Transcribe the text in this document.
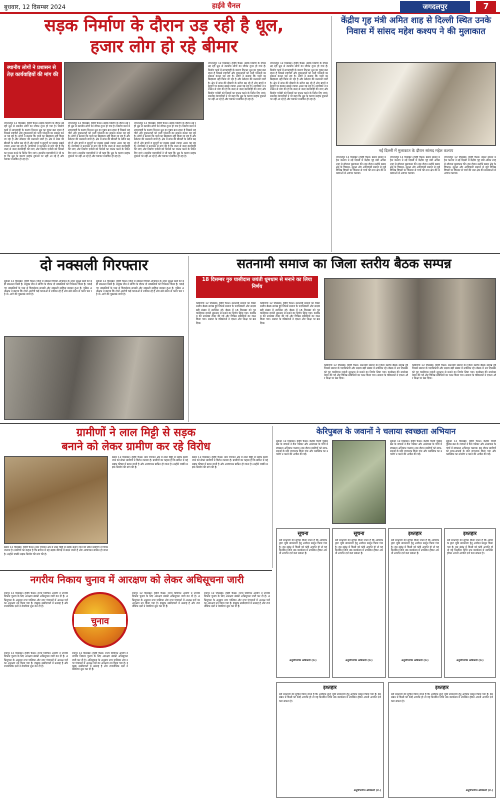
बुधवार, 12 दिसम्बर 2024	हाईवे चैनल	जगदलपुर	7
सड़क निर्माण के दौरान उड़ रही है धूल,
हजार लोग हो रहे बीमार
स्थानीय लोगों ने प्रशासन से तेज़ कार्यवाहियों की मांग की
जगदलपुर 12 दिसम्बर। हाईवे चैनल। सड़क निर्माण के दौरान उड़ रही धूल से स्थानीय लोगों का जीवन दूभर हो गया है। निर्माण कार्य में लापरवाही के कारण दिनभर धूल का गुबार बना रहता है जिससे राहगीरों और दुकानदारों को भारी परेशानी का सामना करना पड़ रहा है। लोगों ने बताया कि पानी का छिड़काव नहीं किया जा रहा है और ठेकेदार की मनमानी जारी है। क्षेत्र में सांस की बीमारी के मरीज बढ़ रहे हैं और बच्चों व बुजुर्गों पर इसका सबसे ज्यादा असर पड़ रहा है। नागरिकों ने प्रशासन से मांग की है कि जल्द से जल्द कार्यवाही की जाए और निर्माण एजेंसी को नियमों का पालन करने के निर्देश दिए जाएं। स्थानीय व्यापारियों ने भी कहा कि धूल के कारण ग्राहक दुकानों पर नहीं आ रहे हैं और व्यापार प्रभावित हो रहा है।
जगदलपुर 12 दिसम्बर। हाईवे चैनल। सड़क निर्माण के दौरान उड़ रही धूल से स्थानीय लोगों का जीवन दूभर हो गया है। निर्माण कार्य में लापरवाही के कारण दिनभर धूल का गुबार बना रहता है जिससे राहगीरों और दुकानदारों को भारी परेशानी का सामना करना पड़ रहा है। लोगों ने बताया कि पानी का छिड़काव नहीं किया जा रहा है और ठेकेदार की मनमानी जारी है। क्षेत्र में सांस की बीमारी के मरीज बढ़ रहे हैं और बच्चों व बुजुर्गों पर इसका सबसे ज्यादा असर पड़ रहा है। नागरिकों ने प्रशासन से मांग की है कि जल्द से जल्द कार्यवाही की जाए और निर्माण एजेंसी को नियमों का पालन करने के निर्देश दिए जाएं। स्थानीय व्यापारियों ने भी कहा कि धूल के कारण ग्राहक दुकानों पर नहीं आ रहे हैं और व्यापार प्रभावित हो रहा है।
जगदलपुर 12 दिसम्बर। हाईवे चैनल। सड़क निर्माण के दौरान उड़ रही धूल से स्थानीय लोगों का जीवन दूभर हो गया है। निर्माण कार्य में लापरवाही के कारण दिनभर धूल का गुबार बना रहता है जिससे राहगीरों और दुकानदारों को भारी परेशानी का सामना करना पड़ रहा है। लोगों ने बताया कि पानी का छिड़काव नहीं किया जा रहा है और ठेकेदार की मनमानी जारी है। क्षेत्र में सांस की बीमारी के मरीज बढ़ रहे हैं और बच्चों व बुजुर्गों पर इसका सबसे ज्यादा असर पड़ रहा है। नागरिकों ने प्रशासन से मांग की है कि जल्द से जल्द कार्यवाही की जाए और निर्माण एजेंसी को नियमों का पालन करने के निर्देश दिए जाएं। स्थानीय व्यापारियों ने भी कहा कि धूल के कारण ग्राहक दुकानों पर नहीं आ रहे हैं और व्यापार प्रभावित हो रहा है।
जगदलपुर 12 दिसम्बर। हाईवे चैनल। सड़क निर्माण के दौरान उड़ रही धूल से स्थानीय लोगों का जीवन दूभर हो गया है। निर्माण कार्य में लापरवाही के कारण दिनभर धूल का गुबार बना रहता है जिससे राहगीरों और दुकानदारों को भारी परेशानी का सामना करना पड़ रहा है। लोगों ने बताया कि पानी का छिड़काव नहीं किया जा रहा है और ठेकेदार की मनमानी जारी है। क्षेत्र में सांस की बीमारी के मरीज बढ़ रहे हैं और बच्चों व बुजुर्गों पर इसका सबसे ज्यादा असर पड़ रहा है। नागरिकों ने प्रशासन से मांग की है कि जल्द से जल्द कार्यवाही की जाए और निर्माण एजेंसी को नियमों का पालन करने के निर्देश दिए जाएं। स्थानीय व्यापारियों ने भी कहा कि धूल के कारण ग्राहक दुकानों पर नहीं आ रहे हैं और व्यापार प्रभावित हो रहा है।
जगदलपुर 12 दिसम्बर। हाईवे चैनल। सड़क निर्माण के दौरान उड़ रही धूल से स्थानीय लोगों का जीवन दूभर हो गया है। निर्माण कार्य में लापरवाही के कारण दिनभर धूल का गुबार बना रहता है जिससे राहगीरों और दुकानदारों को भारी परेशानी का सामना करना पड़ रहा है। लोगों ने बताया कि पानी का छिड़काव नहीं किया जा रहा है और ठेकेदार की मनमानी जारी है। क्षेत्र में सांस की बीमारी के मरीज बढ़ रहे हैं और बच्चों व बुजुर्गों पर इसका सबसे ज्यादा असर पड़ रहा है। नागरिकों ने प्रशासन से मांग की है कि जल्द से जल्द कार्यवाही की जाए और निर्माण एजेंसी को नियमों का पालन करने के निर्देश दिए जाएं। स्थानीय व्यापारियों ने भी कहा कि धूल के कारण ग्राहक दुकानों पर नहीं आ रहे हैं और व्यापार प्रभावित हो रहा है।
केंद्रीय गृह मंत्री अमित शाह से दिल्ली स्थित उनके निवास में सांसद महेश कश्यप ने की मुलाकात
नई दिल्ली में मुलाकात के दौरान सांसद महेश कश्यप
जगदलपुर 12 दिसम्बर। हाईवे चैनल। बस्तर सांसद महेश कश्यप ने नई दिल्ली में केंद्रीय गृह मंत्री अमित शाह से सौजन्य मुलाकात की। इस दौरान उन्होंने बस्तर क्षेत्र के विकास, सुरक्षा और आदिवासी समाज से जुड़े विभिन्न विषयों पर विस्तार से चर्चा की तथा क्षेत्र की समस्याओं से अवगत कराया।
जगदलपुर 12 दिसम्बर। हाईवे चैनल। बस्तर सांसद महेश कश्यप ने नई दिल्ली में केंद्रीय गृह मंत्री अमित शाह से सौजन्य मुलाकात की। इस दौरान उन्होंने बस्तर क्षेत्र के विकास, सुरक्षा और आदिवासी समाज से जुड़े विभिन्न विषयों पर विस्तार से चर्चा की तथा क्षेत्र की समस्याओं से अवगत कराया।
जगदलपुर 12 दिसम्बर। हाईवे चैनल। बस्तर सांसद महेश कश्यप ने नई दिल्ली में केंद्रीय गृह मंत्री अमित शाह से सौजन्य मुलाकात की। इस दौरान उन्होंने बस्तर क्षेत्र के विकास, सुरक्षा और आदिवासी समाज से जुड़े विभिन्न विषयों पर विस्तार से चर्चा की तथा क्षेत्र की समस्याओं से अवगत कराया।
दो नक्सली गिरफ्तार
सुकमा 12 दिसम्बर। हाईवे चैनल। जिले में नक्सल विरोधी अभियान के तहत सुरक्षा बलों को बड़ी सफलता मिली है। संयुक्त टीम ने सर्चिंग के दौरान दो नक्सलियों को गिरफ्तार किया है। पकड़े गए नक्सलियों के पास से विस्फोटक सामग्री और नक्सली साहित्य बरामद हुआ है। पुलिस अधीक्षक ने बताया कि दोनों आरोपी कई घटनाओं में शामिल रहे हैं और लंबे समय से फरार चल रहे थे। आगे की पूछताछ जारी है।
सुकमा 12 दिसम्बर। हाईवे चैनल। जिले में नक्सल विरोधी अभियान के तहत सुरक्षा बलों को बड़ी सफलता मिली है। संयुक्त टीम ने सर्चिंग के दौरान दो नक्सलियों को गिरफ्तार किया है। पकड़े गए नक्सलियों के पास से विस्फोटक सामग्री और नक्सली साहित्य बरामद हुआ है। पुलिस अधीक्षक ने बताया कि दोनों आरोपी कई घटनाओं में शामिल रहे हैं और लंबे समय से फरार चल रहे थे। आगे की पूछताछ जारी है।
सतनामी समाज का जिला स्तरीय बैठक सम्पन्न
18 दिसम्बर गुरु घासीदास जयंती धूमधाम से मनाने का लिया निर्णय
कोंडागांव 12 दिसम्बर। हाईवे चैनल। सतनामी समाज का जिला स्तरीय बैठक सम्पन्न हुई जिसमें समाज के पदाधिकारी और सदस्य बड़ी संख्या में उपस्थित रहे। बैठक में 18 दिसम्बर को गुरु घासीदास जयंती धूमधाम से मनाने का निर्णय लिया गया। कार्यक्रम की रूपरेखा तैयार की गई और विभिन्न समितियों का गठन किया गया। समाज के वरिष्ठजनों ने एकता और शिक्षा पर बल दिया।
कोंडागांव 12 दिसम्बर। हाईवे चैनल। सतनामी समाज का जिला स्तरीय बैठक सम्पन्न हुई जिसमें समाज के पदाधिकारी और सदस्य बड़ी संख्या में उपस्थित रहे। बैठक में 18 दिसम्बर को गुरु घासीदास जयंती धूमधाम से मनाने का निर्णय लिया गया। कार्यक्रम की रूपरेखा तैयार की गई और विभिन्न समितियों का गठन किया गया। समाज के वरिष्ठजनों ने एकता और शिक्षा पर बल दिया।
कोंडागांव 12 दिसम्बर। हाईवे चैनल। सतनामी समाज का जिला स्तरीय बैठक सम्पन्न हुई जिसमें समाज के पदाधिकारी और सदस्य बड़ी संख्या में उपस्थित रहे। बैठक में 18 दिसम्बर को गुरु घासीदास जयंती धूमधाम से मनाने का निर्णय लिया गया। कार्यक्रम की रूपरेखा तैयार की गई और विभिन्न समितियों का गठन किया गया। समाज के वरिष्ठजनों ने एकता और शिक्षा पर बल दिया।
कोंडागांव 12 दिसम्बर। हाईवे चैनल। सतनामी समाज का जिला स्तरीय बैठक सम्पन्न हुई जिसमें समाज के पदाधिकारी और सदस्य बड़ी संख्या में उपस्थित रहे। बैठक में 18 दिसम्बर को गुरु घासीदास जयंती धूमधाम से मनाने का निर्णय लिया गया। कार्यक्रम की रूपरेखा तैयार की गई और विभिन्न समितियों का गठन किया गया। समाज के वरिष्ठजनों ने एकता और शिक्षा पर बल दिया।
ग्रामीणों ने लाल मिट्टी से सड़क
बनाने को लेकर ग्रामीण कर रहे विरोध
बस्तर 12 दिसम्बर। हाईवे चैनल। ग्राम पंचायत क्षेत्र में लाल मिट्टी से सड़क बनाए जाने को लेकर ग्रामीणों ने विरोध जताया है। ग्रामीणों का कहना है कि बारिश में यह सड़क कीचड़ में बदल जाती है और आवागमन बाधित हो जाता है। उन्होंने पक्की सड़क निर्माण की मांग की है।
बस्तर 12 दिसम्बर। हाईवे चैनल। ग्राम पंचायत क्षेत्र में लाल मिट्टी से सड़क बनाए जाने को लेकर ग्रामीणों ने विरोध जताया है। ग्रामीणों का कहना है कि बारिश में यह सड़क कीचड़ में बदल जाती है और आवागमन बाधित हो जाता है। उन्होंने पक्की सड़क निर्माण की मांग की है।
बस्तर 12 दिसम्बर। हाईवे चैनल। ग्राम पंचायत क्षेत्र में लाल मिट्टी से सड़क बनाए जाने को लेकर ग्रामीणों ने विरोध जताया है। ग्रामीणों का कहना है कि बारिश में यह सड़क कीचड़ में बदल जाती है और आवागमन बाधित हो जाता है। उन्होंने पक्की सड़क निर्माण की मांग की है।
केरिपुबल के जवानों ने चलाया स्वच्छता अभियान
सुकमा 12 दिसम्बर। हाईवे चैनल। केंद्रीय रिजर्व पुलिस बल के जवानों ने कैंप परिसर और आसपास के गांवों में स्वच्छता अभियान चलाया। इस दौरान ग्रामीणों को साफ-सफाई के प्रति जागरूक किया गया और प्लास्टिक का उपयोग न करने की अपील की गई।
सुकमा 12 दिसम्बर। हाईवे चैनल। केंद्रीय रिजर्व पुलिस बल के जवानों ने कैंप परिसर और आसपास के गांवों में स्वच्छता अभियान चलाया। इस दौरान ग्रामीणों को साफ-सफाई के प्रति जागरूक किया गया और प्लास्टिक का उपयोग न करने की अपील की गई।
सुकमा 12 दिसम्बर। हाईवे चैनल। केंद्रीय रिजर्व पुलिस बल के जवानों ने कैंप परिसर और आसपास के गांवों में स्वच्छता अभियान चलाया। इस दौरान ग्रामीणों को साफ-सफाई के प्रति जागरूक किया गया और प्लास्टिक का उपयोग न करने की अपील की गई।
सूचना
सर्व साधारण को सूचित किया जाता है कि आवेदक द्वारा भूमि नामांतरण हेतु आवेदन प्रस्तुत किया गया है। इस संबंध में किसी को कोई आपत्ति हो तो वह निर्धारित तिथि तक कार्यालय में उपस्थित होकर अपनी आपत्ति दर्ज करा सकता है।
अनुविभागीय अधिकारी (रा.)
सूचना
सर्व साधारण को सूचित किया जाता है कि आवेदक द्वारा भूमि नामांतरण हेतु आवेदन प्रस्तुत किया गया है। इस संबंध में किसी को कोई आपत्ति हो तो वह निर्धारित तिथि तक कार्यालय में उपस्थित होकर अपनी आपत्ति दर्ज करा सकता है।
अनुविभागीय अधिकारी (रा.)
इश्तहार
सर्व साधारण को सूचित किया जाता है कि आवेदक द्वारा भूमि नामांतरण हेतु आवेदन प्रस्तुत किया गया है। इस संबंध में किसी को कोई आपत्ति हो तो वह निर्धारित तिथि तक कार्यालय में उपस्थित होकर अपनी आपत्ति दर्ज करा सकता है।
अनुविभागीय अधिकारी (रा.)
इश्तहार
सर्व साधारण को सूचित किया जाता है कि आवेदक द्वारा भूमि नामांतरण हेतु आवेदन प्रस्तुत किया गया है। इस संबंध में किसी को कोई आपत्ति हो तो वह निर्धारित तिथि तक कार्यालय में उपस्थित होकर अपनी आपत्ति दर्ज करा सकता है।
अनुविभागीय अधिकारी (रा.)
इश्तहार
सर्व साधारण को सूचित किया जाता है कि आवेदक द्वारा भूमि नामांतरण हेतु आवेदन प्रस्तुत किया गया है। इस संबंध में किसी को कोई आपत्ति हो तो वह निर्धारित तिथि तक कार्यालय में उपस्थित होकर अपनी आपत्ति दर्ज करा सकता है।
अनुविभागीय अधिकारी (रा.)
इश्तहार
सर्व साधारण को सूचित किया जाता है कि आवेदक द्वारा भूमि नामांतरण हेतु आवेदन प्रस्तुत किया गया है। इस संबंध में किसी को कोई आपत्ति हो तो वह निर्धारित तिथि तक कार्यालय में उपस्थित होकर अपनी आपत्ति दर्ज करा सकता है।
अनुविभागीय अधिकारी (रा.)
नगरीय निकाय चुनाव में आरक्षण को लेकर अधिसूचना जारी
रायपुर 12 दिसम्बर। हाईवे चैनल। राज्य निर्वाचन आयोग ने नगरीय निकाय चुनाव के लिए आरक्षण संबंधी अधिसूचना जारी कर दी है। अधिसूचना के अनुसार नगर पालिका और नगर पंचायतों में अध्यक्ष पदों का आरक्षण तय किया गया है। इच्छुक उम्मीदवारों में उत्साह है और राजनीतिक दलों ने तैयारियां शुरू कर दी हैं।
रायपुर 12 दिसम्बर। हाईवे चैनल। राज्य निर्वाचन आयोग ने नगरीय निकाय चुनाव के लिए आरक्षण संबंधी अधिसूचना जारी कर दी है। अधिसूचना के अनुसार नगर पालिका और नगर पंचायतों में अध्यक्ष पदों का आरक्षण तय किया गया है। इच्छुक उम्मीदवारों में उत्साह है और राजनीतिक दलों ने तैयारियां शुरू कर दी हैं।
चुनाव
रायपुर 12 दिसम्बर। हाईवे चैनल। राज्य निर्वाचन आयोग ने नगरीय निकाय चुनाव के लिए आरक्षण संबंधी अधिसूचना जारी कर दी है। अधिसूचना के अनुसार नगर पालिका और नगर पंचायतों में अध्यक्ष पदों का आरक्षण तय किया गया है। इच्छुक उम्मीदवारों में उत्साह है और राजनीतिक दलों ने तैयारियां शुरू कर दी हैं।
रायपुर 12 दिसम्बर। हाईवे चैनल। राज्य निर्वाचन आयोग ने नगरीय निकाय चुनाव के लिए आरक्षण संबंधी अधिसूचना जारी कर दी है। अधिसूचना के अनुसार नगर पालिका और नगर पंचायतों में अध्यक्ष पदों का आरक्षण तय किया गया है। इच्छुक उम्मीदवारों में उत्साह है और राजनीतिक दलों ने तैयारियां शुरू कर दी हैं।
रायपुर 12 दिसम्बर। हाईवे चैनल। राज्य निर्वाचन आयोग ने नगरीय निकाय चुनाव के लिए आरक्षण संबंधी अधिसूचना जारी कर दी है। अधिसूचना के अनुसार नगर पालिका और नगर पंचायतों में अध्यक्ष पदों का आरक्षण तय किया गया है। इच्छुक उम्मीदवारों में उत्साह है और राजनीतिक दलों ने तैयारियां शुरू कर दी हैं।
